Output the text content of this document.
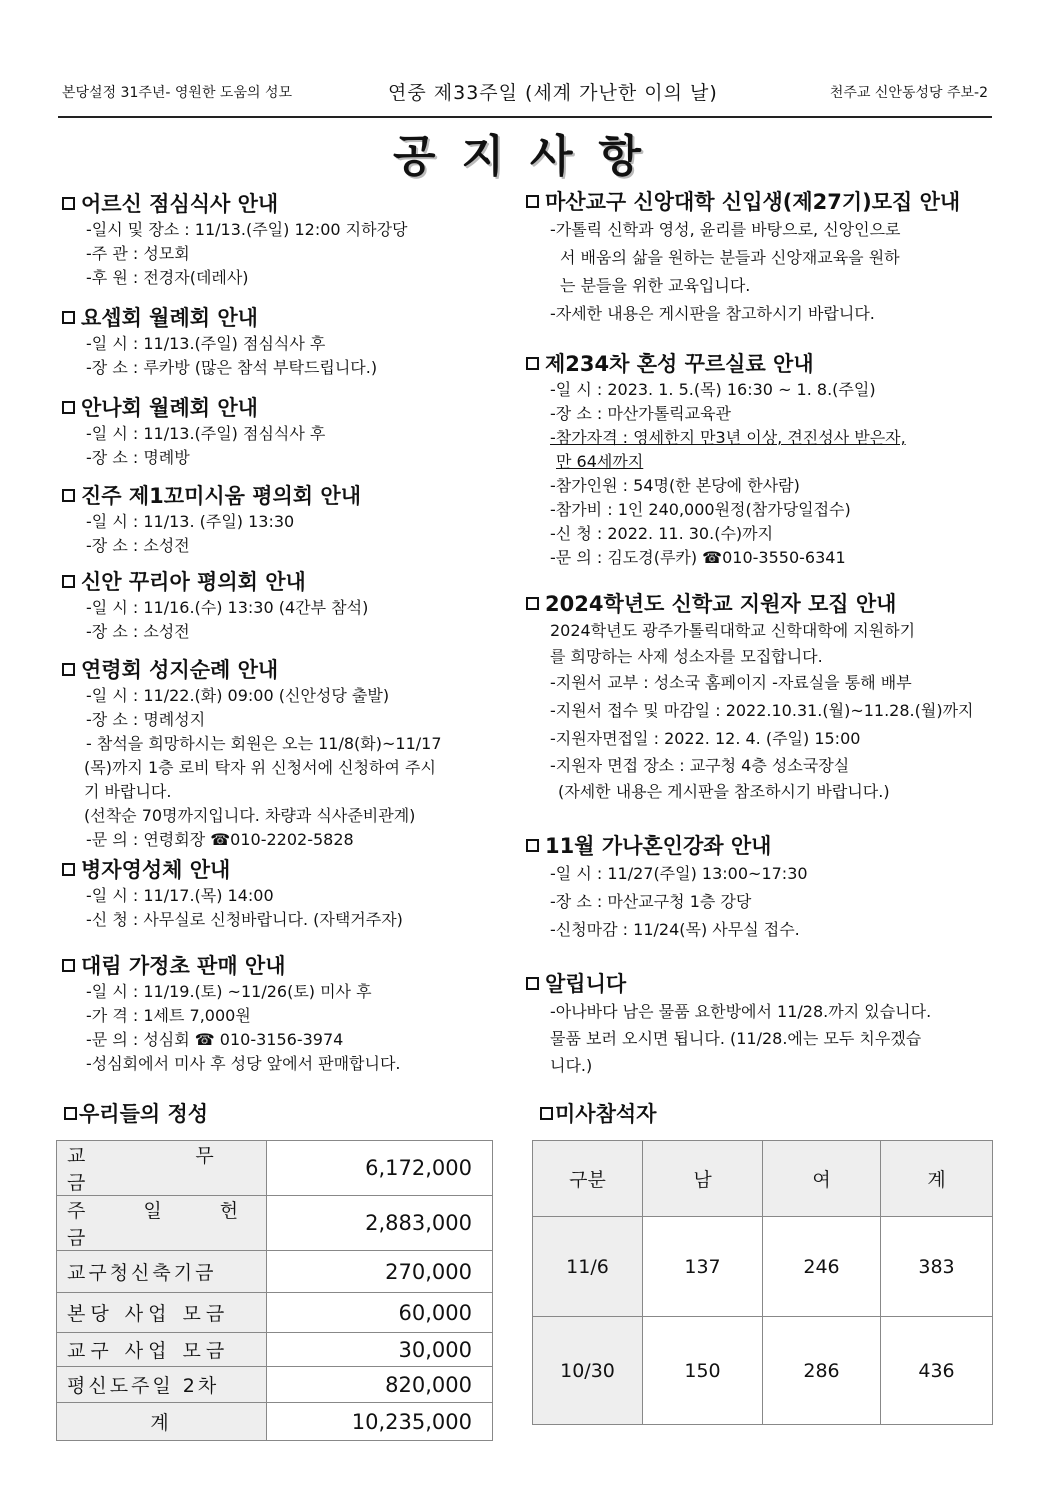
본당설정 31주년- 영원한 도움의 성모	연중 제33주일 (세계 가난한 이의 날)	천주교 신안동성당 주보-2
공지사항
어르신 점심식사 안내
-일시 및 장소 : 11/13.(주일) 12:00 지하강당
-주 관 : 성모회
-후 원 : 전경자(데레사)
요셉회 월례회 안내
-일 시 : 11/13.(주일) 점심식사 후
-장 소 : 루카방 (많은 참석 부탁드립니다.)
안나회 월례회 안내
-일 시 : 11/13.(주일) 점심식사 후
-장 소 : 명례방
진주 제1꼬미시움 평의회 안내
-일 시 : 11/13. (주일) 13:30
-장 소 : 소성전
신안 꾸리아 평의회 안내
-일 시 : 11/16.(수) 13:30 (4간부 참석)
-장 소 : 소성전
연령회 성지순례 안내
-일 시 : 11/22.(화) 09:00 (신안성당 출발)
-장 소 : 명례성지
- 참석을 희망하시는 회원은 오는 11/8(화)~11/17
(목)까지 1층 로비 탁자 위 신청서에 신청하여 주시
기 바랍니다.
(선착순 70명까지입니다. 차량과 식사준비관계)
-문 의 : 연령회장 ☎010-2202-5828
병자영성체 안내
-일 시 : 11/17.(목) 14:00
-신 청 : 사무실로 신청바랍니다. (자택거주자)
대림 가정초 판매 안내
-일 시 : 11/19.(토) ~11/26(토) 미사 후
-가 격 : 1세트 7,000원
-문 의 : 성심회 ☎ 010-3156-3974
-성심회에서 미사 후 성당 앞에서 판매합니다.
마산교구 신앙대학 신입생(제27기)모집 안내
-가톨릭 신학과 영성, 윤리를 바탕으로, 신앙인으로
서 배움의 삶을 원하는 분들과 신앙재교육을 원하
는 분들을 위한 교육입니다.
-자세한 내용은 게시판을 참고하시기 바랍니다.
제234차 혼성 꾸르실료 안내
-일 시 : 2023. 1. 5.(목) 16:30 ~ 1. 8.(주일)
-장 소 : 마산가톨릭교육관
-참가자격 : 영세한지 만3년 이상, 견진성사 받은자,
만 64세까지
-참가인원 : 54명(한 본당에 한사람)
-참가비 : 1인 240,000원정(참가당일접수)
-신 청 : 2022. 11. 30.(수)까지
-문 의 : 김도경(루카) ☎010-3550-6341
2024학년도 신학교 지원자 모집 안내
2024학년도 광주가톨릭대학교 신학대학에 지원하기
를 희망하는 사제 성소자를 모집합니다.
-지원서 교부 : 성소국 홈페이지 -자료실을 통해 배부
-지원서 접수 및 마감일 : 2022.10.31.(월)~11.28.(월)까지
-지원자면접일 : 2022. 12. 4. (주일) 15:00
-지원자 면접 장소 : 교구청 4층 성소국장실
(자세한 내용은 게시판을 참조하시기 바랍니다.)
11월 가나혼인강좌 안내
-일 시 : 11/27(주일) 13:00~17:30
-장 소 : 마산교구청 1층 강당
-신청마감 : 11/24(목) 사무실 접수.
알립니다
-아나바다 남은 물품 요한방에서 11/28.까지 있습니다.
물품 보러 오시면 됩니다. (11/28.에는 모두 치우겠습
니다.)
우리들의 정성
교 무 금	6,172,000
주 일 헌 금	2,883,000
교구청신축기금	270,000
본당 사업 모금	60,000
교구 사업 모금	30,000
평신도주일 2차	820,000
계	10,235,000
미사참석자
구분	남	여	계
11/6	137	246	383
10/30	150	286	436
